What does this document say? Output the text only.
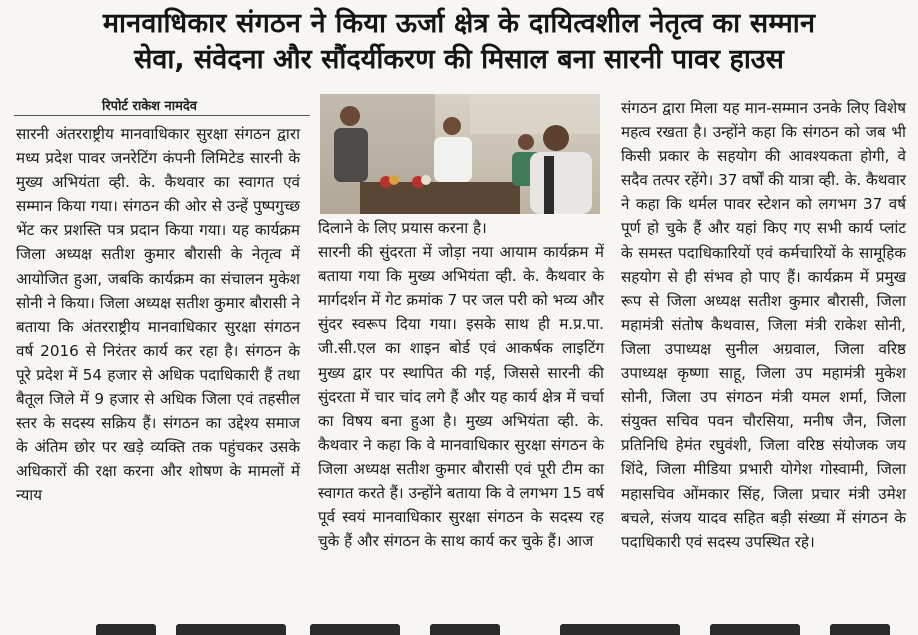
मानवाधिकार संगठन ने किया ऊर्जा क्षेत्र के दायित्वशील नेतृत्व का सम्मान
सेवा, संवेदना और सौंदर्यीकरण की मिसाल बना सारनी पावर हाउस
रिपोर्ट राकेश नामदेव

सारनी अंतरराष्ट्रीय मानवाधिकार सुरक्षा संगठन द्वारा मध्य प्रदेश पावर जनरेटिंग कंपनी लिमिटेड सारनी के मुख्य अभियंता व्ही. के. कैथवार का स्वागत एवं सम्मान किया गया। संगठन की ओर से उन्हें पुष्पगुच्छ भेंट कर प्रशस्ति पत्र प्रदान किया गया। यह कार्यक्रम जिला अध्यक्ष सतीश कुमार बौरासी के नेतृत्व में आयोजित हुआ, जबकि कार्यक्रम का संचालन मुकेश सोनी ने किया। जिला अध्यक्ष सतीश कुमार बौरासी ने बताया कि अंतरराष्ट्रीय मानवाधिकार सुरक्षा संगठन वर्ष 2016 से निरंतर कार्य कर रहा है। संगठन के पूरे प्रदेश में 54 हजार से अधिक पदाधिकारी हैं तथा बैतूल जिले में 9 हजार से अधिक जिला एवं तहसील स्तर के सदस्य सक्रिय हैं। संगठन का उद्देश्य समाज के अंतिम छोर पर खड़े व्यक्ति तक पहुंचकर उसके अधिकारों की रक्षा करना और शोषण के मामलों में न्याय

दिलाने के लिए प्रयास करना है।

सारनी की सुंदरता में जोड़ा नया आयाम कार्यक्रम में बताया गया कि मुख्य अभियंता व्ही. के. कैथवार के मार्गदर्शन में गेट क्रमांक 7 पर जल परी को भव्य और सुंदर स्वरूप दिया गया। इसके साथ ही म.प्र.पा. जी.सी.एल का शाइन बोर्ड एवं आकर्षक लाइटिंग मुख्य द्वार पर स्थापित की गई, जिससे सारनी की सुंदरता में चार चांद लगे हैं और यह कार्य क्षेत्र में चर्चा का विषय बना हुआ है। मुख्य अभियंता व्ही. के. कैथवार ने कहा कि वे मानवाधिकार सुरक्षा संगठन के जिला अध्यक्ष सतीश कुमार बौरासी एवं पूरी टीम का स्वागत करते हैं। उन्होंने बताया कि वे लगभग 15 वर्ष पूर्व स्वयं मानवाधिकार सुरक्षा संगठन के सदस्य रह चुके हैं और संगठन के साथ कार्य कर चुके हैं। आज

संगठन द्वारा मिला यह मान-सम्मान उनके लिए विशेष महत्व रखता है। उन्होंने कहा कि संगठन को जब भी किसी प्रकार के सहयोग की आवश्यकता होगी, वे सदैव तत्पर रहेंगे। 37 वर्षों की यात्रा व्ही. के. कैथवार ने कहा कि थर्मल पावर स्टेशन को लगभग 37 वर्ष पूर्ण हो चुके हैं और यहां किए गए सभी कार्य प्लांट के समस्त पदाधिकारियों एवं कर्मचारियों के सामूहिक सहयोग से ही संभव हो पाए हैं। कार्यक्रम में प्रमुख रूप से जिला अध्यक्ष सतीश कुमार बौरासी, जिला महामंत्री संतोष कैथवास, जिला मंत्री राकेश सोनी, जिला उपाध्यक्ष सुनील अग्रवाल, जिला वरिष्ठ उपाध्यक्ष कृष्णा साहू, जिला उप महामंत्री मुकेश सोनी, जिला उप संगठन मंत्री यमल शर्मा, जिला संयुक्त सचिव पवन चौरसिया, मनीष जैन, जिला प्रतिनिधि हेमंत रघुवंशी, जिला वरिष्ठ संयोजक जय शिंदे, जिला मीडिया प्रभारी योगेश गोस्वामी, जिला महासचिव ओंमकार सिंह, जिला प्रचार मंत्री उमेश बचले, संजय यादव सहित बड़ी संख्या में संगठन के पदाधिकारी एवं सदस्य उपस्थित रहे।
